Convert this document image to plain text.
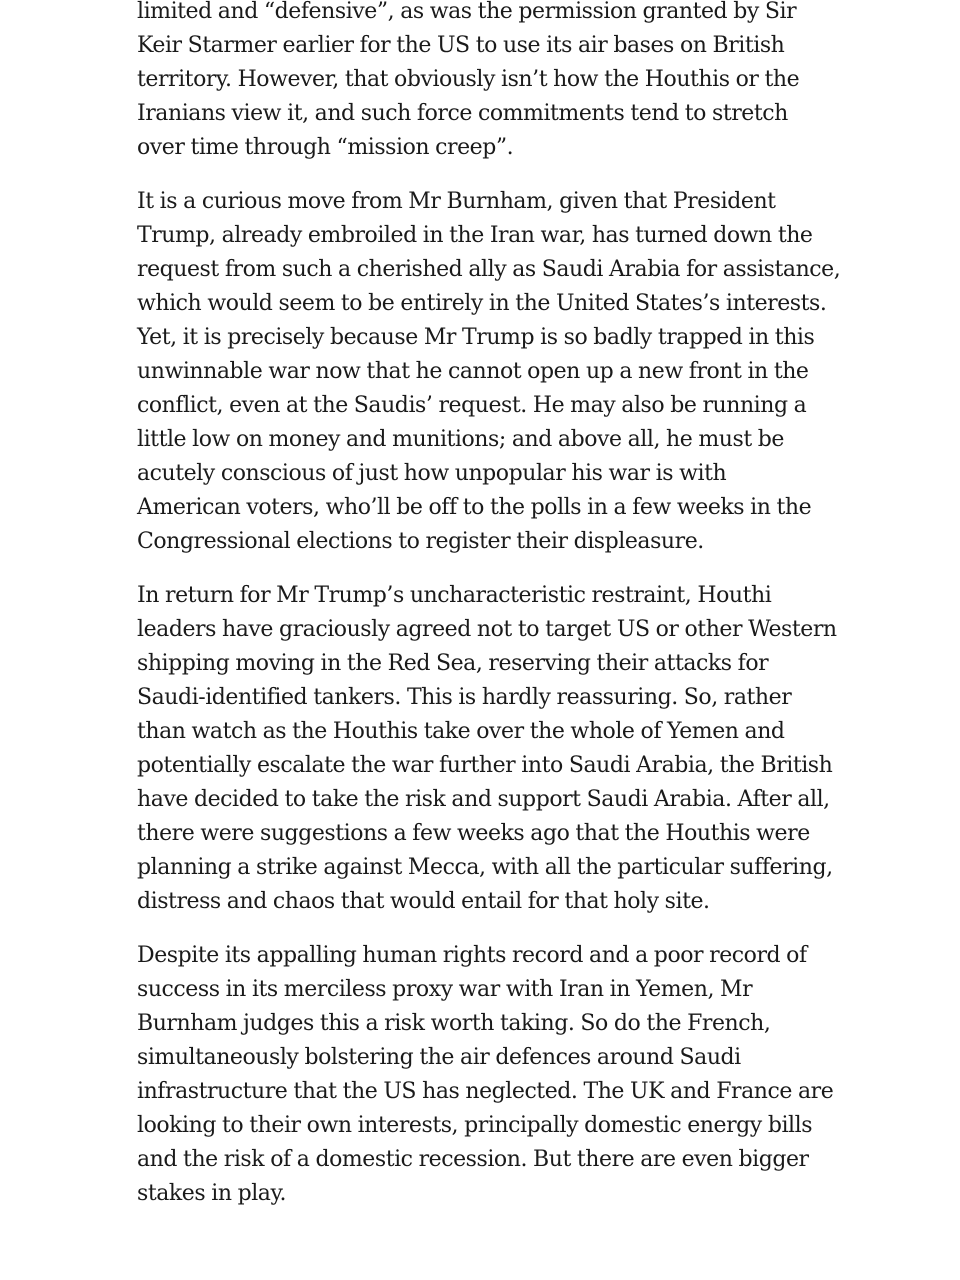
limited and “defensive”, as was the permission granted by Sir
Keir Starmer earlier for the US to use its air bases on British
territory. However, that obviously isn’t how the Houthis or the
Iranians view it, and such force commitments tend to stretch
over time through “mission creep”.

It is a curious move from Mr Burnham, given that President
Trump, already embroiled in the Iran war, has turned down the
request from such a cherished ally as Saudi Arabia for assistance,
which would seem to be entirely in the United States’s interests.
Yet, it is precisely because Mr Trump is so badly trapped in this
unwinnable war now that he cannot open up a new front in the
conflict, even at the Saudis’ request. He may also be running a
little low on money and munitions; and above all, he must be
acutely conscious of just how unpopular his war is with
American voters, who’ll be off to the polls in a few weeks in the
Congressional elections to register their displeasure.

In return for Mr Trump’s uncharacteristic restraint, Houthi
leaders have graciously agreed not to target US or other Western
shipping moving in the Red Sea, reserving their attacks for
Saudi-identified tankers. This is hardly reassuring. So, rather
than watch as the Houthis take over the whole of Yemen and
potentially escalate the war further into Saudi Arabia, the British
have decided to take the risk and support Saudi Arabia. After all,
there were suggestions a few weeks ago that the Houthis were
planning a strike against Mecca, with all the particular suffering,
distress and chaos that would entail for that holy site.

Despite its appalling human rights record and a poor record of
success in its merciless proxy war with Iran in Yemen, Mr
Burnham judges this a risk worth taking. So do the French,
simultaneously bolstering the air defences around Saudi
infrastructure that the US has neglected. The UK and France are
looking to their own interests, principally domestic energy bills
and the risk of a domestic recession. But there are even bigger
stakes in play.
